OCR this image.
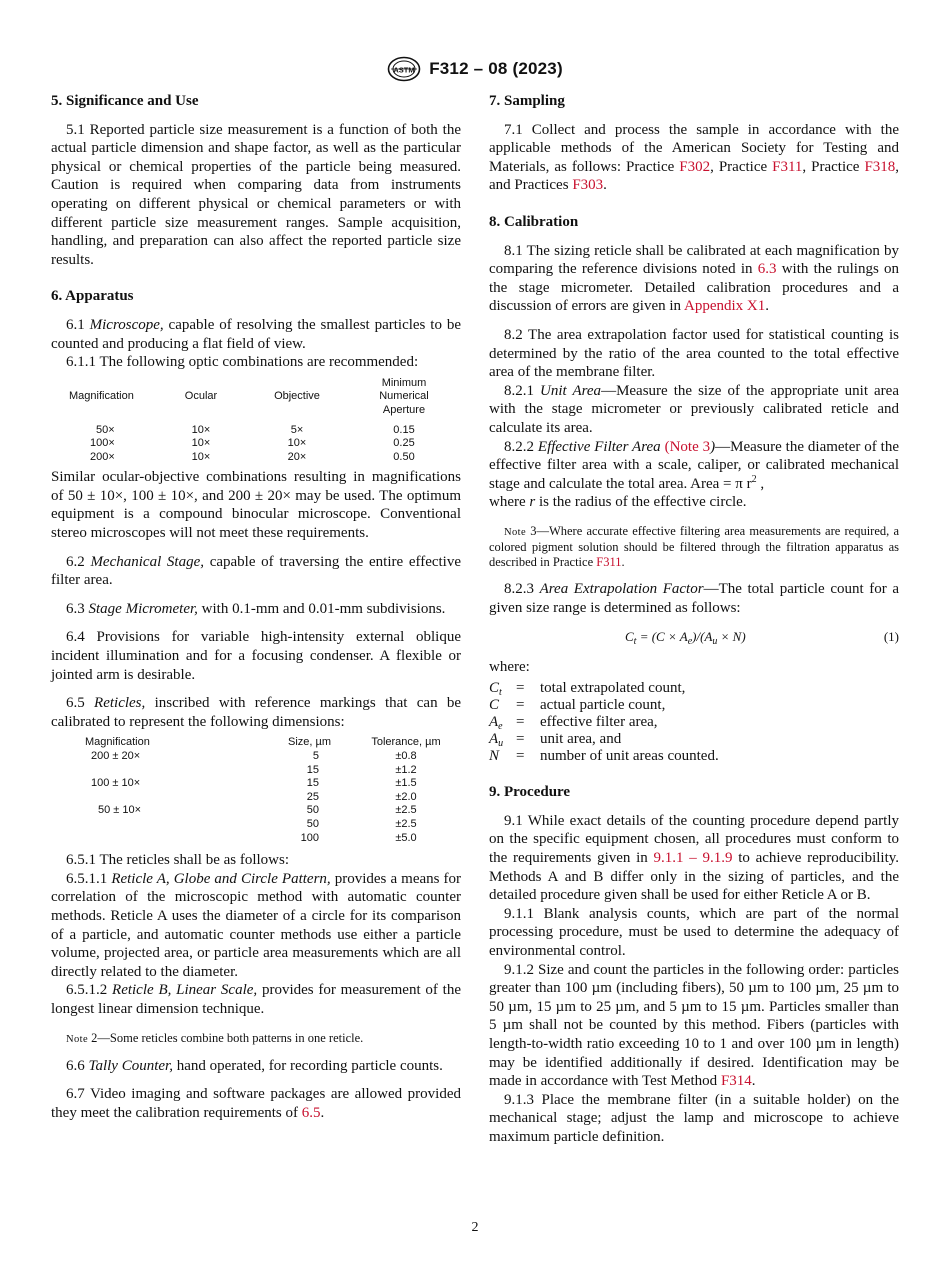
ASTM F312 – 08 (2023)
5. Significance and Use

5.1 Reported particle size measurement is a function of both the actual particle dimension and shape factor, as well as the particular physical or chemical properties of the particle being measured. Caution is required when comparing data from instruments operating on different physical or chemical parameters or with different particle size measurement ranges. Sample acquisition, handling, and preparation can also affect the reported particle size results.

6. Apparatus

6.1 Microscope, capable of resolving the smallest particles to be counted and producing a flat field of view.

6.1.1 The following optic combinations are recommended:

			Minimum
Magnification	Ocular	Objective	Numerical
			Aperture
50×	10×	5×	0.15
100×	10×	10×	0.25
200×	10×	20×	0.50

Similar ocular-objective combinations resulting in magnifications of 50 ± 10×, 100 ± 10×, and 200 ± 20× may be used. The optimum equipment is a compound binocular microscope. Conventional stereo microscopes will not meet these requirements.

6.2 Mechanical Stage, capable of traversing the entire effective filter area.

6.3 Stage Micrometer, with 0.1-mm and 0.01-mm subdivisions.

6.4 Provisions for variable high-intensity external oblique incident illumination and for a focusing condenser. A flexible or jointed arm is desirable.

6.5 Reticles, inscribed with reference markings that can be calibrated to represent the following dimensions:

Magnification	Size, µm	Tolerance, µm
200 ± 20×	5	±0.8
	15	±1.2
100 ± 10×	15	±1.5
	25	±2.0
50 ± 10×	50	±2.5
	50	±2.5
	100	±5.0

6.5.1 The reticles shall be as follows:

6.5.1.1 Reticle A, Globe and Circle Pattern, provides a means for correlation of the microscopic method with automatic counter methods. Reticle A uses the diameter of a circle for its comparison of a particle, and automatic counter methods use either a particle volume, projected area, or particle area measurements which are all directly related to the diameter.

6.5.1.2 Reticle B, Linear Scale, provides for measurement of the longest linear dimension technique.

Note 2—Some reticles combine both patterns in one reticle.

6.6 Tally Counter, hand operated, for recording particle counts.

6.7 Video imaging and software packages are allowed provided they meet the calibration requirements of 6.5.

7. Sampling

7.1 Collect and process the sample in accordance with the applicable methods of the American Society for Testing and Materials, as follows: Practice F302, Practice F311, Practice F318, and Practices F303.

8. Calibration

8.1 The sizing reticle shall be calibrated at each magnification by comparing the reference divisions noted in 6.3 with the rulings on the stage micrometer. Detailed calibration procedures and a discussion of errors are given in Appendix X1.

8.2 The area extrapolation factor used for statistical counting is determined by the ratio of the area counted to the total effective area of the membrane filter.

8.2.1 Unit Area—Measure the size of the appropriate unit area with the stage micrometer or previously calibrated reticle and calculate its area.

8.2.2 Effective Filter Area (Note 3)—Measure the diameter of the effective filter area with a scale, caliper, or calibrated mechanical stage and calculate the total area. Area = π $r^2$ ,

where r is the radius of the effective circle.

Note 3—Where accurate effective filtering area measurements are required, a colored pigment solution should be filtered through the filtration apparatus as described in Practice F311.

8.2.3 Area Extrapolation Factor—The total particle count for a given size range is determined as follows:

$C_t = (C \times A_e)/(A_u \times N)$	(1)

where:

$C_t$	=	total extrapolated count,
C	=	actual particle count,
$A_e$	=	effective filter area,
$A_u$	=	unit area, and
N	=	number of unit areas counted.
9. Procedure

9.1 While exact details of the counting procedure depend partly on the specific equipment chosen, all procedures must conform to the requirements given in 9.1.1 – 9.1.9 to achieve reproducibility. Methods A and B differ only in the sizing of particles, and the detailed procedure given shall be used for either Reticle A or B.

9.1.1 Blank analysis counts, which are part of the normal processing procedure, must be used to determine the adequacy of environmental control.

9.1.2 Size and count the particles in the following order: particles greater than 100 µm (including fibers), 50 µm to 100 µm, 25 µm to 50 µm, 15 µm to 25 µm, and 5 µm to 15 µm. Particles smaller than 5 µm shall not be counted by this method. Fibers (particles with length-to-width ratio exceeding 10 to 1 and over 100 µm in length) may be identified additionally if desired. Identification may be made in accordance with Test Method F314.

9.1.3 Place the membrane filter (in a suitable holder) on the mechanical stage; adjust the lamp and microscope to achieve maximum particle definition.

2
